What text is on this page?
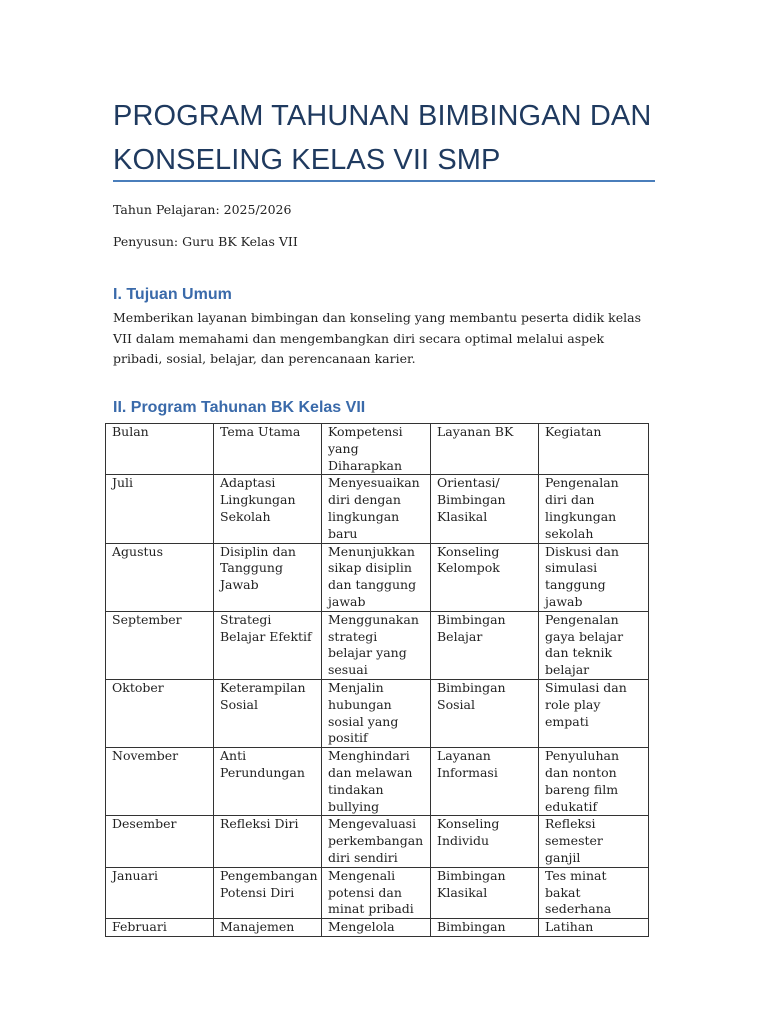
PROGRAM TAHUNAN BIMBINGAN DAN KONSELING KELAS VII SMP

Tahun Pelajaran: 2025/2026

Penyusun: Guru BK Kelas VII

I. Tujuan Umum

Memberikan layanan bimbingan dan konseling yang membantu peserta didik kelas VII dalam memahami dan mengembangkan diri secara optimal melalui aspek pribadi, sosial, belajar, dan perencanaan karier.

II. Program Tahunan BK Kelas VII
Bulan	Tema Utama	Kompetensi yang Diharapkan	Layanan BK	Kegiatan
Juli	Adaptasi Lingkungan Sekolah	Menyesuaikan diri dengan lingkungan baru	Orientasi/ Bimbingan Klasikal	Pengenalan diri dan lingkungan sekolah
Agustus	Disiplin dan Tanggung Jawab	Menunjukkan sikap disiplin dan tanggung jawab	Konseling Kelompok	Diskusi dan simulasi tanggung jawab
September	Strategi Belajar Efektif	Menggunakan strategi belajar yang sesuai	Bimbingan Belajar	Pengenalan gaya belajar dan teknik belajar
Oktober	Keterampilan Sosial	Menjalin hubungan sosial yang positif	Bimbingan Sosial	Simulasi dan role play empati
November	Anti Perundungan	Menghindari dan melawan tindakan bullying	Layanan Informasi	Penyuluhan dan nonton bareng film edukatif
Desember	Refleksi Diri	Mengevaluasi perkembangan diri sendiri	Konseling Individu	Refleksi semester ganjil
Januari	Pengembangan Potensi Diri	Mengenali potensi dan minat pribadi	Bimbingan Klasikal	Tes minat bakat sederhana
Februari	Manajemen	Mengelola	Bimbingan	Latihan
